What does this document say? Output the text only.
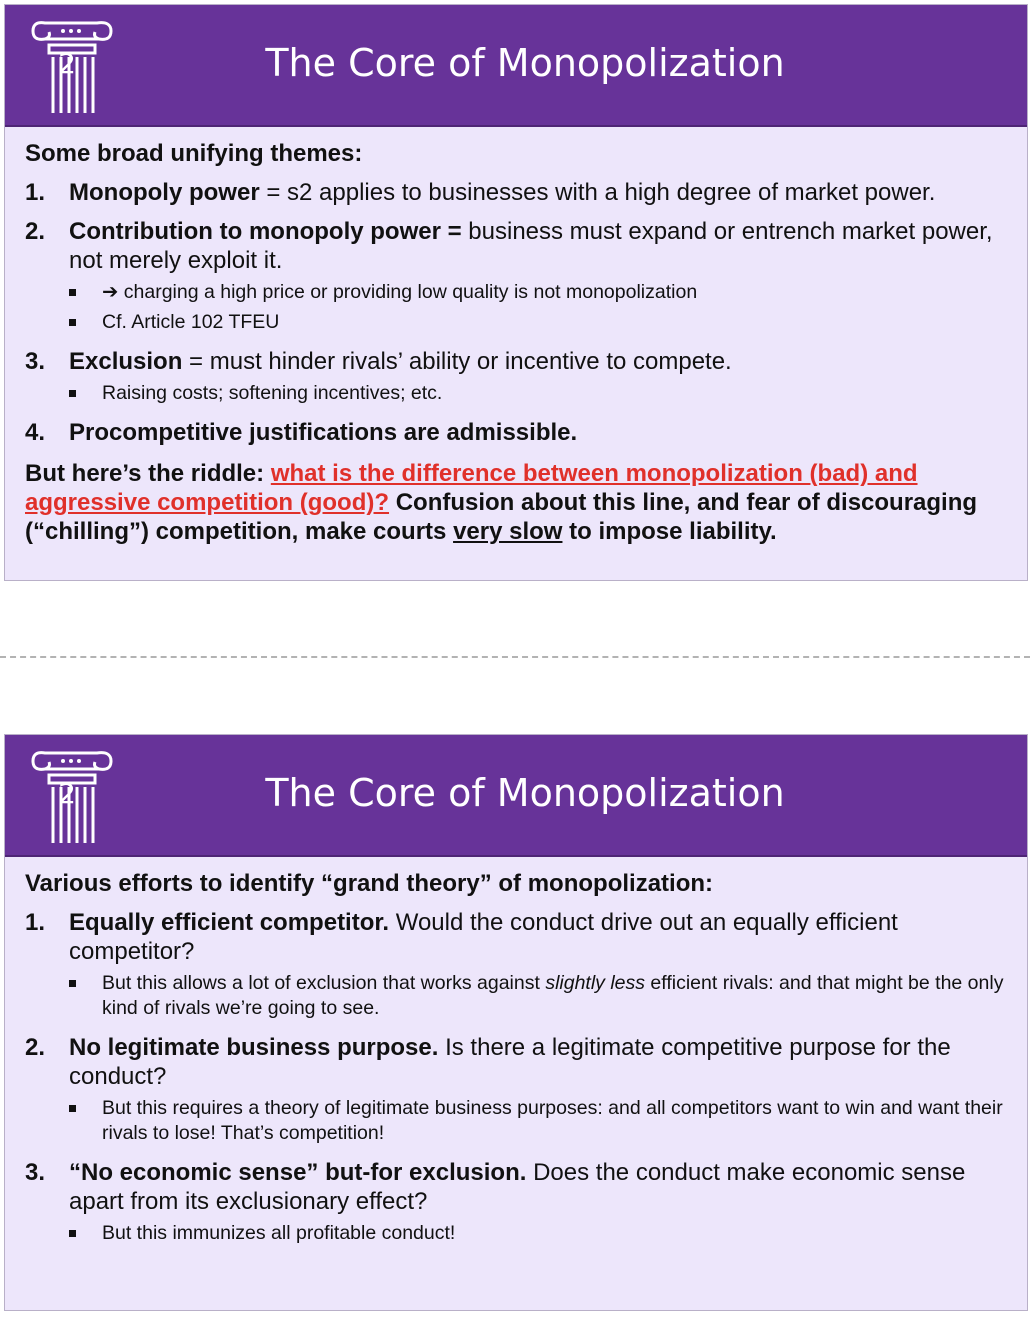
2	The Core of Monopolization
Some broad unifying themes:
1. Monopoly power = s2 applies to businesses with a high degree of market power.
2. Contribution to monopoly power = business must expand or entrench market power, not merely exploit it.
➔ charging a high price or providing low quality is not monopolization
Cf. Article 102 TFEU
3. Exclusion = must hinder rivals’ ability or incentive to compete.
Raising costs; softening incentives; etc.
4. Procompetitive justifications are admissible.
But here’s the riddle: what is the difference between monopolization (bad) and aggressive competition (good)? Confusion about this line, and fear of discouraging (“chilling”) competition, make courts very slow to impose liability.
2	The Core of Monopolization
Various efforts to identify “grand theory” of monopolization:
1. Equally efficient competitor. Would the conduct drive out an equally efficient competitor?
But this allows a lot of exclusion that works against slightly less efficient rivals: and that might be the only kind of rivals we’re going to see.
2. No legitimate business purpose. Is there a legitimate competitive purpose for the conduct?
But this requires a theory of legitimate business purposes: and all competitors want to win and want their rivals to lose! That’s competition!
3. “No economic sense” but-for exclusion. Does the conduct make economic sense apart from its exclusionary effect?
But this immunizes all profitable conduct!
